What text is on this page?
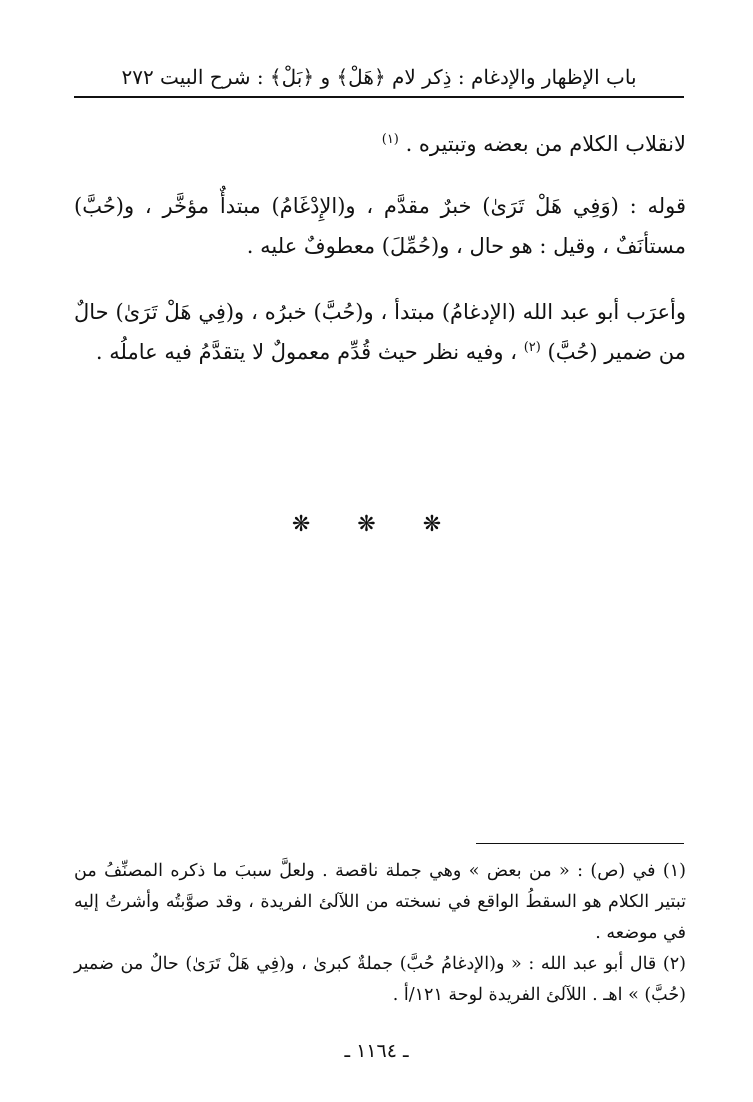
باب الإظهار والإدغام : ذِكر لام ﴿هَلْ﴾ و ﴿بَلْ﴾ : شرح البيت ٢٧٢

لانقلاب الكلام من بعضه وتبتيره . $^{(١)}$

قوله : (وَفِي هَلْ تَرَىٰ) خبرٌ مقدَّم ، و(الإِدْغَامُ) مبتدأٌ مؤخَّر ، و(حُبَّ) مستأنَفٌ ، وقيل : هو حال ، و(حُمِّلَ) معطوفٌ عليه .

وأعرَب أبو عبد الله (الإدغامُ) مبتدأ ، و(حُبَّ) خبرُه ، و(فِي هَلْ تَرَىٰ) حالٌ من ضمير (حُبَّ) $^{(٢)}$ ، وفيه نظر حيث قُدِّم معمولٌ لا يتقدَّمُ فيه عاملُه .

❋ ❋ ❋

(١) في (ص) : « من بعض » وهي جملة ناقصة . ولعلَّ سببَ ما ذكره المصنِّفُ من تبتير الكلام هو السقطُ الواقع في نسخته من اللآلئ الفريدة ، وقد صوَّبتُه وأشرتُ إليه في موضعه .

(٢) قال أبو عبد الله : « و(الإدغامُ حُبَّ) جملةٌ كبرىٰ ، و(فِي هَلْ تَرَىٰ) حالٌ من ضمير (حُبَّ) » اهـ . اللآلئ الفريدة لوحة ١٢١/أ .

ـ ١١٦٤ ـ
